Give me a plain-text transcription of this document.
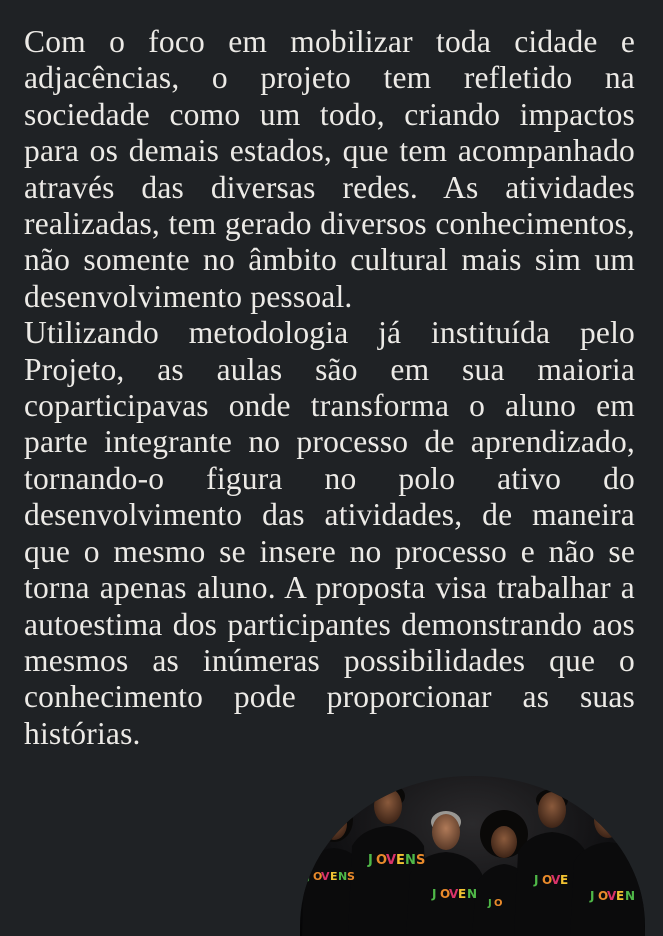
Com o foco em mobilizar toda cidade e adjacências, o projeto tem refletido na sociedade como um todo, criando impactos para os demais estados, que tem acompanhado através das diversas redes. As atividades realizadas, tem gerado diversos conhecimentos, não somente no âmbito cultural mais sim um desenvolvimento pessoal.

Utilizando metodologia já instituída pelo Projeto, as aulas são em sua maioria coparticipavas onde transforma o aluno em parte integrante no processo de aprendizado, tornando-o figura no polo ativo do desenvolvimento das atividades, de maneira que o mesmo se insere no processo e não se torna apenas aluno. A proposta visa trabalhar a autoestima dos participantes demonstrando aos mesmos as inúmeras possibilidades que o conhecimento pode proporcionar as suas histórias.

J O
V E N S
J O
V E N S
J O
V E N
J O
J O
V E
J O
V E N
